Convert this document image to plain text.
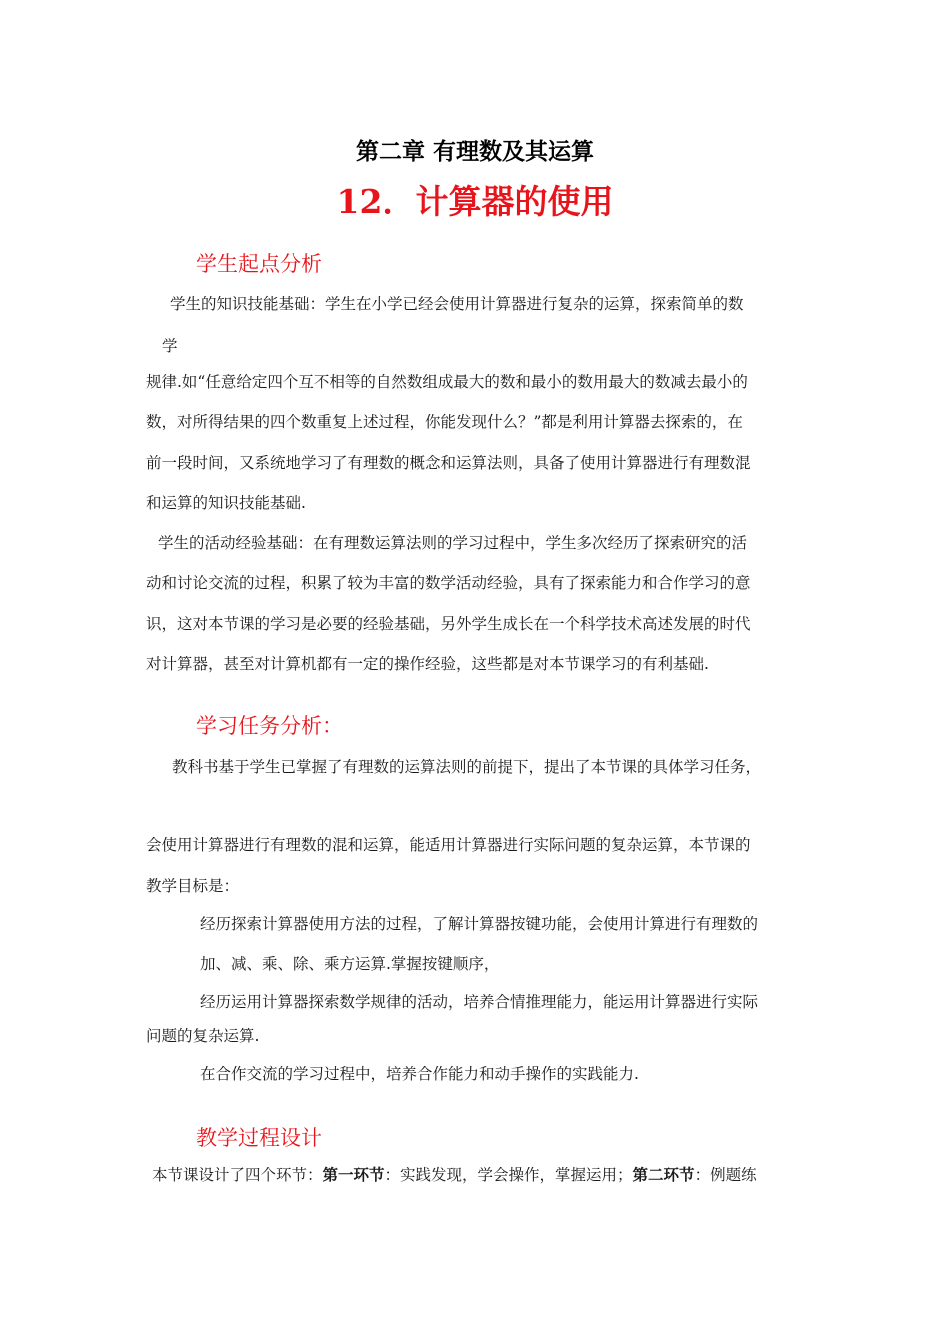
第二章 有理数及其运算
12．计算器的使用
学生起点分析
学生的知识技能基础：学生在小学已经会使用计算器进行复杂的运算，探索简单的数
学
规律.如“任意给定四个互不相等的自然数组成最大的数和最小的数用最大的数减去最小的
数，对所得结果的四个数重复上述过程，你能发现什么？”都是利用计算器去探索的，在
前一段时间，又系统地学习了有理数的概念和运算法则，具备了使用计算器进行有理数混
和运算的知识技能基础.
学生的活动经验基础：在有理数运算法则的学习过程中，学生多次经历了探索研究的活
动和讨论交流的过程，积累了较为丰富的数学活动经验，具有了探索能力和合作学习的意
识，这对本节课的学习是必要的经验基础，另外学生成长在一个科学技术高述发展的时代
对计算器，甚至对计算机都有一定的操作经验，这些都是对本节课学习的有利基础.
学习任务分析：
教科书基于学生已掌握了有理数的运算法则的前提下，提出了本节课的具体学习任务，
会使用计算器进行有理数的混和运算，能适用计算器进行实际问题的复杂运算，本节课的
教学目标是：
经历探索计算器使用方法的过程，了解计算器按键功能，会使用计算进行有理数的
加、减、乘、除、乘方运算.掌握按键顺序，
经历运用计算器探索数学规律的活动，培养合情推理能力，能运用计算器进行实际
问题的复杂运算.
在合作交流的学习过程中，培养合作能力和动手操作的实践能力.
教学过程设计
本节课设计了四个环节：第一环节：实践发现，学会操作，掌握运用；第二环节：例题练
